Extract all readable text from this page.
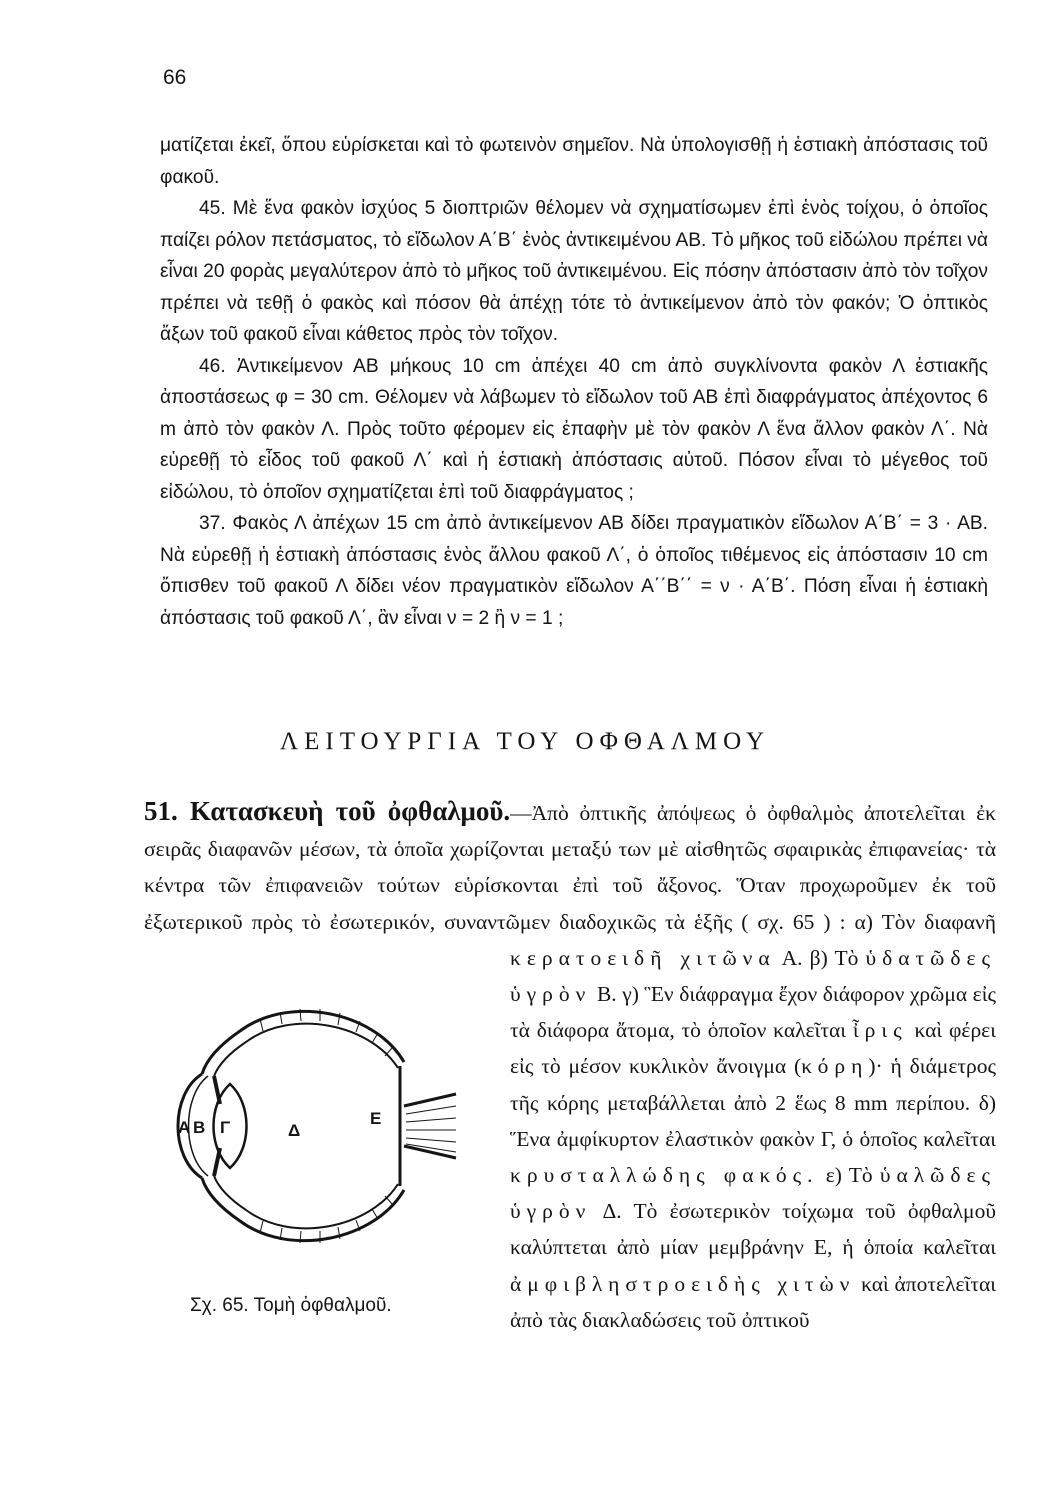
66

ματίζεται ἐκεῖ, ὅπου εὑρίσκεται καὶ τὸ φωτεινὸν σημεῖον. Νὰ ὑπολογισθῇ ἡ ἑστιακὴ ἀπόστασις τοῦ φακοῦ.

45. Μὲ ἕνα φακὸν ἰσχύος 5 διοπτριῶν θέλομεν νὰ σχηματίσωμεν ἐπὶ ἑνὸς τοίχου, ὁ ὁποῖος παίζει ρόλον πετάσματος, τὸ εἴδωλον Α΄Β΄ ἑνὸς ἀντικειμένου ΑΒ. Τὸ μῆκος τοῦ εἰδώλου πρέπει νὰ εἶναι 20 φορὰς μεγαλύτερον ἀπὸ τὸ μῆκος τοῦ ἀντικειμένου. Εἰς πόσην ἀπόστασιν ἀπὸ τὸν τοῖχον πρέπει νὰ τεθῇ ὁ φακὸς καὶ πόσον θὰ ἀπέχῃ τότε τὸ ἀντικείμενον ἀπὸ τὸν φακόν; Ὁ ὀπτικὸς ἄξων τοῦ φακοῦ εἶναι κάθετος πρὸς τὸν τοῖχον.

46. Ἀντικείμενον ΑΒ μήκους 10 cm ἀπέχει 40 cm ἀπὸ συγκλίνοντα φακὸν Λ ἑστιακῆς ἀποστάσεως φ = 30 cm. Θέλομεν νὰ λάβωμεν τὸ εἴδωλον τοῦ ΑΒ ἐπὶ διαφράγματος ἀπέχοντος 6 m ἀπὸ τὸν φακὸν Λ. Πρὸς τοῦτο φέρομεν εἰς ἐπαφὴν μὲ τὸν φακὸν Λ ἕνα ἄλλον φακὸν Λ΄. Νὰ εὑρεθῇ τὸ εἶδος τοῦ φακοῦ Λ΄ καὶ ἡ ἑστιακὴ ἀπόστασις αὐτοῦ. Πόσον εἶναι τὸ μέγεθος τοῦ εἰδώλου, τὸ ὁποῖον σχηματίζεται ἐπὶ τοῦ διαφράγματος ;

37. Φακὸς Λ ἀπέχων 15 cm ἀπὸ ἀντικείμενον ΑΒ δίδει πραγματικὸν εἴδωλον Α΄Β΄ = 3 · ΑΒ. Νὰ εὑρεθῇ ἡ ἑστιακὴ ἀπόστασις ἑνὸς ἄλλου φακοῦ Λ΄, ὁ ὁποῖος τιθέμενος εἰς ἀπόστασιν 10 cm ὄπισθεν τοῦ φακοῦ Λ δίδει νέον πραγματικὸν εἴδωλον Α΄΄Β΄΄ = ν · Α΄Β΄. Πόση εἶναι ἡ ἑστιακὴ ἀπόστασις τοῦ φακοῦ Λ΄, ἂν εἶναι ν = 2 ἢ ν = 1 ;

ΛΕΙΤΟΥΡΓΙΑ ΤΟΥ ΟΦΘΑΛΜΟΥ
51. Κατασκευὴ τοῦ ὀφθαλμοῦ.—Ἀπὸ ὀπτικῆς ἀπόψεως ὁ ὀφθαλμὸς ἀποτελεῖται ἐκ σειρᾶς διαφανῶν μέσων, τὰ ὁποῖα χωρίζονται μεταξύ των μὲ αἰσθητῶς σφαιρικὰς ἐπιφανείας· τὰ κέντρα τῶν ἐπιφανειῶν τούτων εὑρίσκονται ἐπὶ τοῦ ἄξονος. Ὅταν προχωροῦμεν ἐκ τοῦ ἐξωτερικοῦ πρὸς τὸ ἐσωτερικόν, συναντῶμεν διαδοχικῶς τὰ ἑξῆς ( σχ. 65 ) : α) Τὸν διαφανῆ
Α Β Γ	Δ
Ε
Σχ. 65. Τομὴ ὀφθαλμοῦ.
κερατοειδῆ χιτῶνα Α. β) Τὸ ὑδατῶδες ὑγρὸν Β. γ) Ἓν διάφραγμα ἔχον διάφορον χρῶμα εἰς τὰ διάφορα ἄτομα, τὸ ὁποῖον καλεῖται ἶρις καὶ φέρει εἰς τὸ μέσον κυκλικὸν ἄνοιγμα (κόρη)· ἡ διάμετρος τῆς κόρης μεταβάλλεται ἀπὸ 2 ἕως 8 mm περίπου. δ) Ἕνα ἀμφίκυρτον ἐλαστικὸν φακὸν Γ, ὁ ὁποῖος καλεῖται κρυσταλλώδης φακός. ε) Τὸ ὑαλῶδες ὑγρὸν Δ. Τὸ ἐσωτερικὸν τοίχωμα τοῦ ὀφθαλμοῦ καλύπτεται ἀπὸ μίαν μεμβράνην Ε, ἡ ὁποία καλεῖται ἀμφιβληστροειδὴς χιτὼν καὶ ἀποτελεῖται ἀπὸ τὰς διακλαδώσεις τοῦ ὀπτικοῦ
